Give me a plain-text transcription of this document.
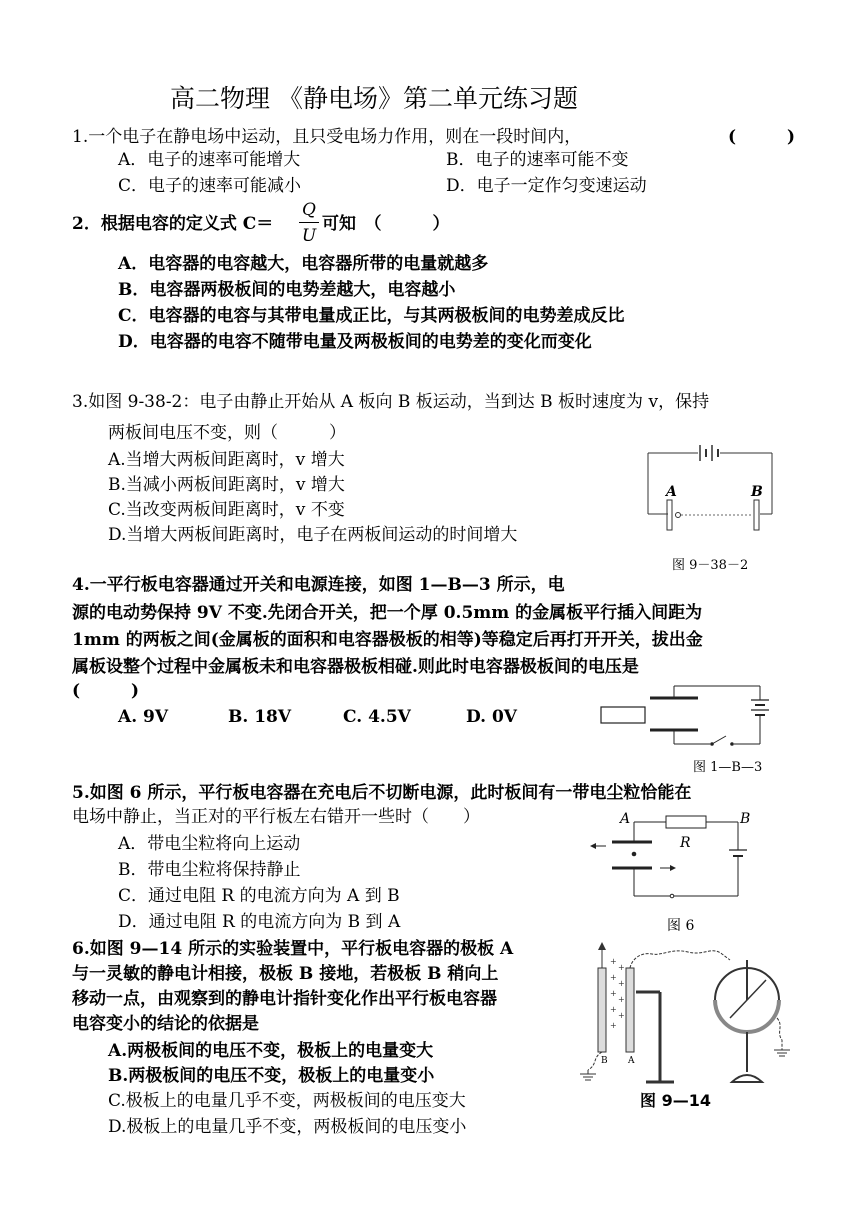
高二物理 《静电场》第二单元练习题
1.一个电子在静电场中运动，且只受电场力作用，则在一段时间内，	(　　　)
A．电子的速率可能增大	B．电子的速率可能不变
C．电子的速率可能减小	D．电子一定作匀变速运动
2．根据电容的定义式 C＝
Q
U
可知　（　　　）
A．电容器的电容越大，电容器所带的电量就越多
B．电容器两极板间的电势差越大，电容越小
C．电容器的电容与其带电量成正比，与其两极板间的电势差成反比
D．电容器的电容不随带电量及两极板间的电势差的变化而变化
3.如图 9-38-2：电子由静止开始从 A 板向 B 板运动，当到达 B 板时速度为 v，保持
两板间电压不变，则（　　　）
A.当增大两板间距离时，v 增大
B.当减小两板间距离时，v 增大
C.当改变两板间距离时，v 不变
D.当增大两板间距离时，电子在两板间运动的时间增大
A	B
图 9－38－2
4.一平行板电容器通过开关和电源连接，如图 1—B—3 所示，电
源的电动势保持 9V 不变.先闭合开关，把一个厚 0.5mm 的金属板平行插入间距为
1mm 的两板之间(金属板的面积和电容器极板的相等)等稳定后再打开开关，拔出金
属板设整个过程中金属板未和电容器极板相碰.则此时电容器极板间的电压是
(　　　)
A. 9V	B. 18V	C. 4.5V	D. 0V
图 1—B—3
5.如图 6 所示，平行板电容器在充电后不切断电源，此时板间有一带电尘粒恰能在
电场中静止，当正对的平行板左右错开一些时（　　）
A．带电尘粒将向上运动
B．带电尘粒将保持静止
C．通过电阻 R 的电流方向为 A 到 B
D．通过电阻 R 的电流方向为 B 到 A
A	B
R
图 6
6.如图 9—14 所示的实验装置中，平行板电容器的极板 A
与一灵敏的静电计相接，极板 B 接地，若极板 B 稍向上
移动一点，由观察到的静电计指针变化作出平行板电容器
电容变小的结论的依据是
A.两极板间的电压不变，极板上的电量变大
B.两极板间的电压不变，极板上的电量变小
C.极板上的电量几乎不变，两极板间的电压变大
D.极板上的电量几乎不变，两极板间的电压变小
+
+
+
+
+
+
+
+
+
B A
图 9—14
